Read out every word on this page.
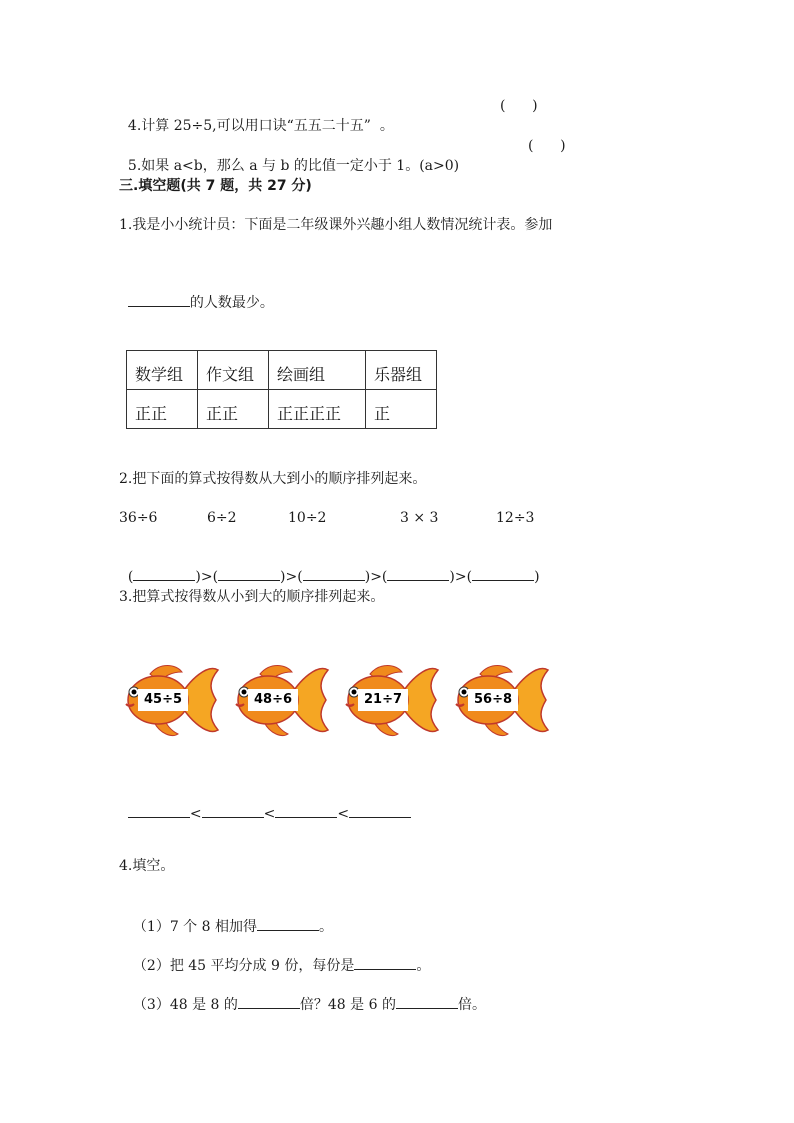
4.计算 25÷5,可以用口诀“五五二十五”  。

(      )

5.如果 a<b，那么 a 与 b 的比值一定小于 1。(a>0)

(      )
三.填空题(共 7 题，共 27 分)
1.我是小小统计员：下面是二年级课外兴趣小组人数情况统计表。参加

的人数最少。

数学组	作文组	绘画组	乐器组
正正	正正	正正正正	正
2.把下面的算式按得数从大到小的顺序排列起来。
36÷6	6÷2	10÷2	3 × 3	12÷3

(	)>(	)>(	)>(	)>(	)

3.把算式按得数从小到大的顺序排列起来。
45÷5	48÷6	21÷7	56÷8

<	<	<

4.填空。

（1）7 个 8 相加得	。

（2）把 45 平均分成 9 份，每份是	。

（3）48 是 8 的	倍？48 是 6 的	倍。
